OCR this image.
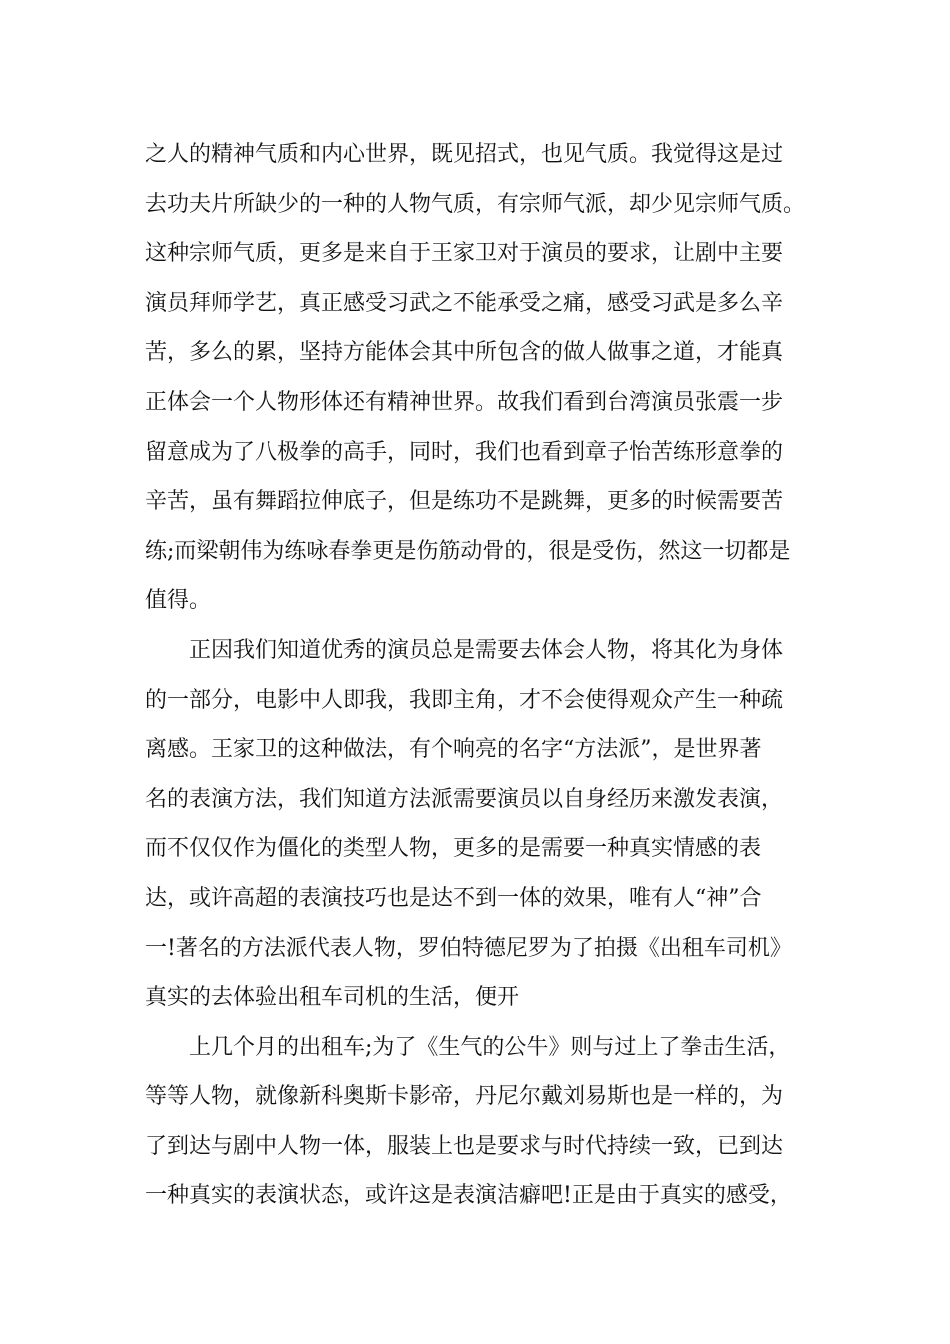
之人的精神气质和内心世界，既见招式，也见气质。我觉得这是过
去功夫片所缺少的一种的人物气质，有宗师气派，却少见宗师气质。
这种宗师气质，更多是来自于王家卫对于演员的要求，让剧中主要
演员拜师学艺，真正感受习武之不能承受之痛，感受习武是多么辛
苦，多么的累，坚持方能体会其中所包含的做人做事之道，才能真
正体会一个人物形体还有精神世界。故我们看到台湾演员张震一步
留意成为了八极拳的高手，同时，我们也看到章子怡苦练形意拳的
辛苦，虽有舞蹈拉伸底子，但是练功不是跳舞，更多的时候需要苦
练;而梁朝伟为练咏春拳更是伤筋动骨的，很是受伤，然这一切都是
值得。
正因我们知道优秀的演员总是需要去体会人物，将其化为身体
的一部分，电影中人即我，我即主角，才不会使得观众产生一种疏
离感。王家卫的这种做法，有个响亮的名字“方法派”，是世界著
名的表演方法，我们知道方法派需要演员以自身经历来激发表演，
而不仅仅作为僵化的类型人物，更多的是需要一种真实情感的表
达，或许高超的表演技巧也是达不到一体的效果，唯有人“神”合
一!著名的方法派代表人物，罗伯特德尼罗为了拍摄《出租车司机》
真实的去体验出租车司机的生活，便开
上几个月的出租车;为了《生气的公牛》则与过上了拳击生活，
等等人物，就像新科奥斯卡影帝，丹尼尔戴刘易斯也是一样的，为
了到达与剧中人物一体，服装上也是要求与时代持续一致，已到达
一种真实的表演状态，或许这是表演洁癖吧!正是由于真实的感受，
